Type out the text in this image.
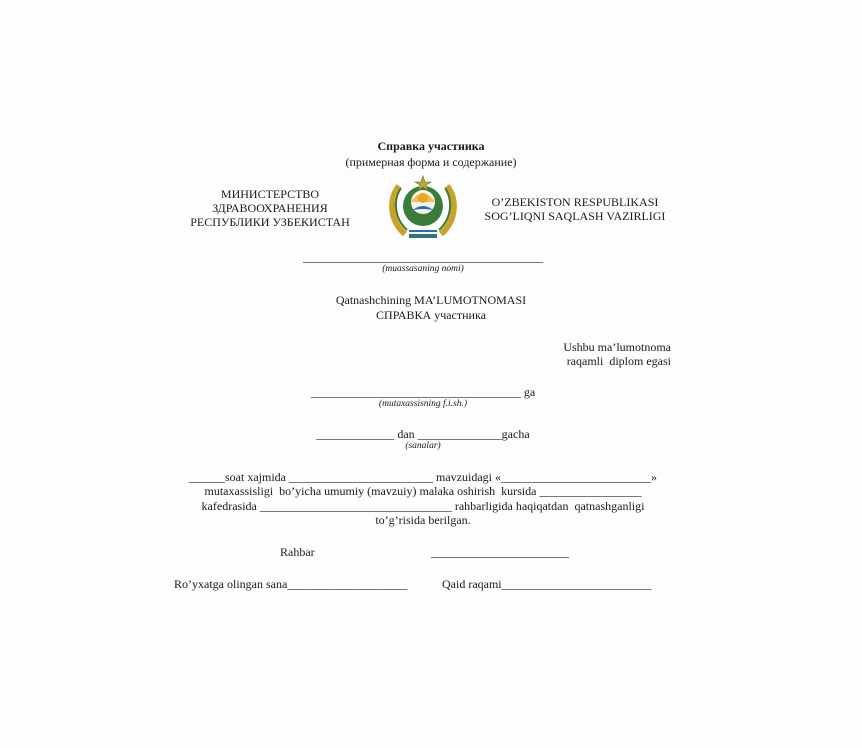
Справка участника
(примерная форма и содержание)
МИНИСТЕРСТВО
ЗДРАВООХРАНЕНИЯ
РЕСПУБЛИКИ УЗБЕКИСТАН
O’ZBEKISTON RESPUBLIKASI
SOG’LIQNI SAQLASH VAZIRLIGI
________________________________________
(muassasaning nomi)
Qatnashchining MA’LUMOTNOMASI
СПРАВКА участника
Ushbu ma’lumotnoma
raqamli  diplom egasi
___________________________________ ga
(mutaxassisning f.i.sh.)
_____________ dan ______________gacha
(sanalar)
______soat xajmida ________________________ mavzuidagi «_________________________»
mutaxassisligi  bo’yicha umumiy (mavzuiy) malaka oshirish  kursida _________________
kafedrasida ________________________________ rahbarligida haqiqatdan  qatnashganligi
to’g’risida berilgan.
Rahbar	_______________________
Ro’yxatga olingan sana____________________	Qaid raqami_________________________
